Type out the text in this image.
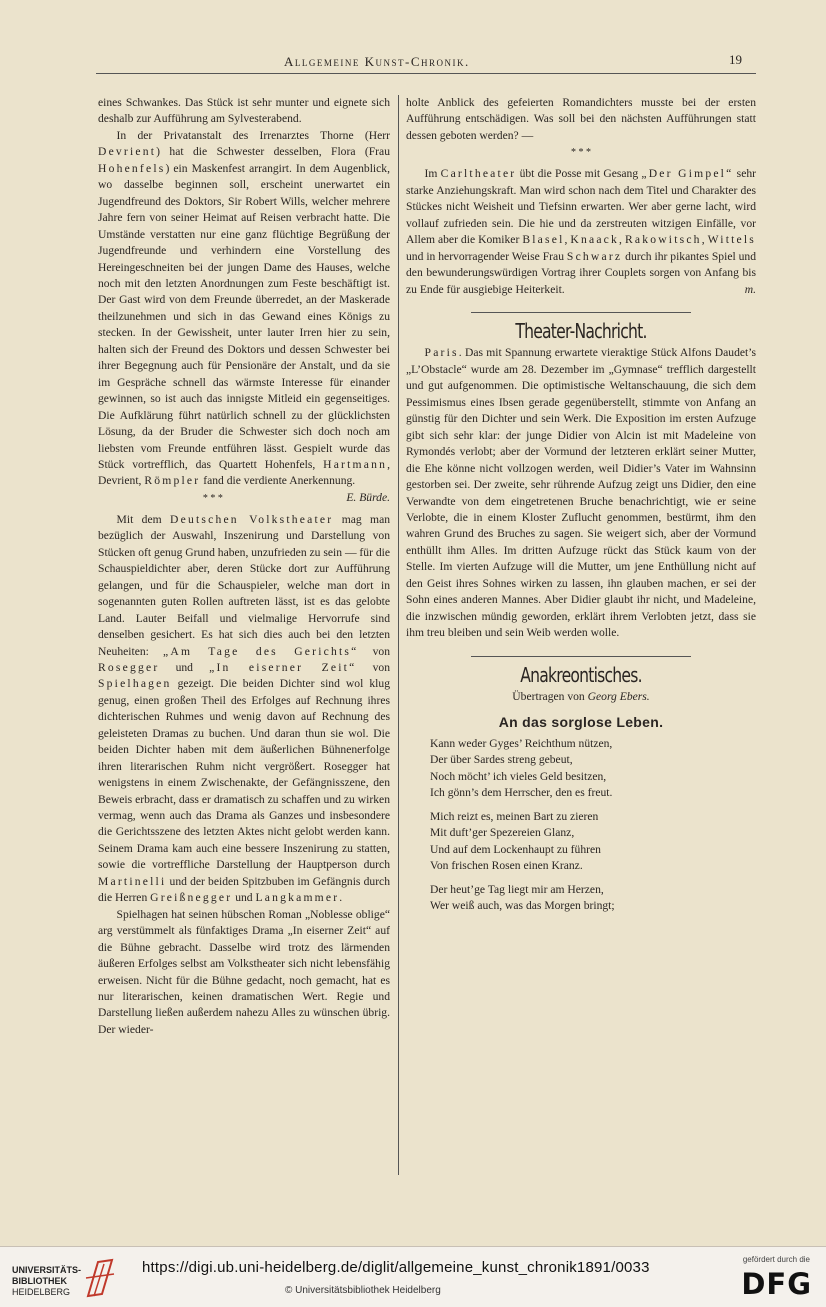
Allgemeine Kunst-Chronik.	19

eines Schwankes. Das Stück ist sehr munter und eignete sich deshalb zur Aufführung am Sylvesterabend.

In der Privatanstalt des Irrenarztes Thorne (Herr Devrient) hat die Schwester desselben, Flora (Frau Hohenfels) ein Maskenfest arrangirt. In dem Augenblick, wo dasselbe beginnen soll, erscheint unerwartet ein Jugendfreund des Doktors, Sir Robert Wills, welcher mehrere Jahre fern von seiner Heimat auf Reisen verbracht hatte. Die Umstände verstatten nur eine ganz flüchtige Begrüßung der Jugendfreunde und verhindern eine Vorstellung des Hereingeschneiten bei der jungen Dame des Hauses, welche noch mit den letzten Anordnungen zum Feste beschäftigt ist. Der Gast wird von dem Freunde überredet, an der Maskerade theilzunehmen und sich in das Gewand eines Königs zu stecken. In der Gewissheit, unter lauter Irren hier zu sein, halten sich der Freund des Doktors und dessen Schwester bei ihrer Begegnung auch für Pensionäre der Anstalt, und da sie im Gespräche schnell das wärmste Interesse für einander gewinnen, so ist auch das innigste Mitleid ein gegenseitiges. Die Aufklärung führt natürlich schnell zu der glücklichsten Lösung, da der Bruder die Schwester sich doch noch am liebsten vom Freunde entführen lässt. Gespielt wurde das Stück vortrefflich, das Quartett Hohenfels, Hartmann, Devrient, Römpler fand die verdiente Anerkennung.
E. Bürde.

* * *

Mit dem Deutschen Volkstheater mag man bezüglich der Auswahl, Inszenirung und Darstellung von Stücken oft genug Grund haben, unzufrieden zu sein — für die Schauspieldichter aber, deren Stücke dort zur Aufführung gelangen, und für die Schauspieler, welche man dort in sogenannten guten Rollen auftreten lässt, ist es das gelobte Land. Lauter Beifall und vielmalige Hervorrufe sind denselben gesichert. Es hat sich dies auch bei den letzten Neuheiten: „Am Tage des Gerichts“ von Rosegger und „In eiserner Zeit“ von Spielhagen gezeigt. Die beiden Dichter sind wol klug genug, einen großen Theil des Erfolges auf Rechnung ihres dichterischen Ruhmes und wenig davon auf Rechnung des geleisteten Dramas zu buchen. Und daran thun sie wol. Die beiden Dichter haben mit dem äußerlichen Bühnenerfolge ihren literarischen Ruhm nicht vergrößert. Rosegger hat wenigstens in einem Zwischenakte, der Gefängnisszene, den Beweis erbracht, dass er dramatisch zu schaffen und zu wirken vermag, wenn auch das Drama als Ganzes und insbesondere die Gerichtsszene des letzten Aktes nicht gelobt werden kann. Seinem Drama kam auch eine bessere Inszenirung zu statten, sowie die vortreffliche Darstellung der Hauptperson durch Martinelli und der beiden Spitzbuben im Gefängnis durch die Herren Greißnegger und Langkammer.

Spielhagen hat seinen hübschen Roman „Noblesse oblige“ arg verstümmelt als fünfaktiges Drama „In eiserner Zeit“ auf die Bühne gebracht. Dasselbe wird trotz des lärmenden äußeren Erfolges selbst am Volkstheater sich nicht lebensfähig erweisen. Nicht für die Bühne gedacht, noch gemacht, hat es nur literarischen, keinen dramatischen Wert. Regie und Darstellung ließen außerdem nahezu Alles zu wünschen übrig. Der wieder-

holte Anblick des gefeierten Romandichters musste bei der ersten Aufführung entschädigen. Was soll bei den nächsten Aufführungen statt dessen geboten werden? —

* * *

Im Carltheater übt die Posse mit Gesang „Der Gimpel“ sehr starke Anziehungskraft. Man wird schon nach dem Titel und Charakter des Stückes nicht Weisheit und Tiefsinn erwarten. Wer aber gerne lacht, wird vollauf zufrieden sein. Die hie und da zerstreuten witzigen Einfälle, vor Allem aber die Komiker Blasel, Knaack, Rakowitsch, Wittels und in hervorragender Weise Frau Schwarz durch ihr pikantes Spiel und den bewunderungswürdigen Vortrag ihrer Couplets sorgen von Anfang bis zu Ende für ausgiebige Heiterkeit.	m.

Theater-Nachricht.

Paris. Das mit Spannung erwartete vieraktige Stück Alfons Daudet’s „L’Obstacle“ wurde am 28. Dezember im „Gymnase“ trefflich dargestellt und gut aufgenommen. Die optimistische Weltanschauung, die sich dem Pessimismus eines Ibsen gerade gegenüberstellt, stimmte von Anfang an günstig für den Dichter und sein Werk. Die Exposition im ersten Aufzuge gibt sich sehr klar: der junge Didier von Alcin ist mit Madeleine von Rymondés verlobt; aber der Vormund der letzteren erklärt seiner Mutter, die Ehe könne nicht vollzogen werden, weil Didier’s Vater im Wahnsinn gestorben sei. Der zweite, sehr rührende Aufzug zeigt uns Didier, den eine Verwandte von dem eingetretenen Bruche benachrichtigt, wie er seine Verlobte, die in einem Kloster Zuflucht genommen, bestürmt, ihm den wahren Grund des Bruches zu sagen. Sie weigert sich, aber der Vormund enthüllt ihm Alles. Im dritten Aufzuge rückt das Stück kaum von der Stelle. Im vierten Aufzuge will die Mutter, um jene Enthüllung nicht auf den Geist ihres Sohnes wirken zu lassen, ihn glauben machen, er sei der Sohn eines anderen Mannes. Aber Didier glaubt ihr nicht, und Madeleine, die inzwischen mündig geworden, erklärt ihrem Verlobten jetzt, dass sie ihm treu bleiben und sein Weib werden wolle.

Anakreontisches.
Übertragen von Georg Ebers.
An das sorglose Leben.
Kann weder Gyges’ Reichthum nützen,
Der über Sardes streng gebeut,
Noch möcht’ ich vieles Geld besitzen,
Ich gönn’s dem Herrscher, den es freut.
Mich reizt es, meinen Bart zu zieren
Mit duft’ger Spezereien Glanz,
Und auf dem Lockenhaupt zu führen
Von frischen Rosen einen Kranz.
Der heut’ge Tag liegt mir am Herzen,
Wer weiß auch, was das Morgen bringt;
UNIVERSITÄTS-
BIBLIOTHEK
HEIDELBERG
https://digi.ub.uni-heidelberg.de/diglit/allgemeine_kunst_chronik1891/0033
© Universitätsbibliothek Heidelberg
gefördert durch die
DFG
